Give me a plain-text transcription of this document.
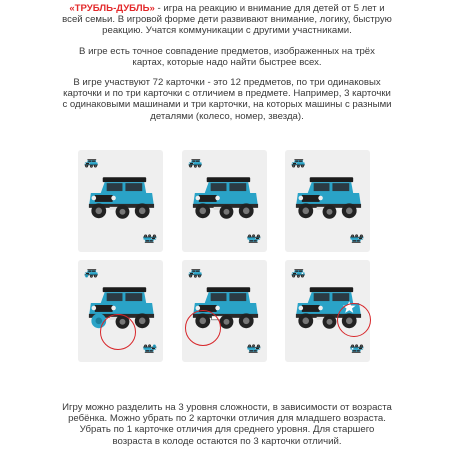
«ТРУБЛЬ-ДУБЛЬ» - игра на реакцию и внимание для детей от 5 лет и всей семьи. В игровой форме дети развивают внимание, логику, быструю реакцию. Учатся коммуникации с другими участниками.

В игре есть точное совпадение предметов, изображенных на трёх картах, которые надо найти быстрее всех.

В игре участвуют 72 карточки - это 12 предметов, по три одинаковых карточки и по три карточки с отличием в предмете. Например, 3 карточки с одинаковыми машинами и три карточки, на которых машины с разными деталями (колесо, номер, звезда).

Игру можно разделить на 3 уровня сложности, в зависимости от возраста ребёнка. Можно убрать по 2 карточки отличия для младшего возраста. Убрать по 1 карточке отличия для среднего уровня. Для старшего возраста в колоде остаются по 3 карточки отличий.
